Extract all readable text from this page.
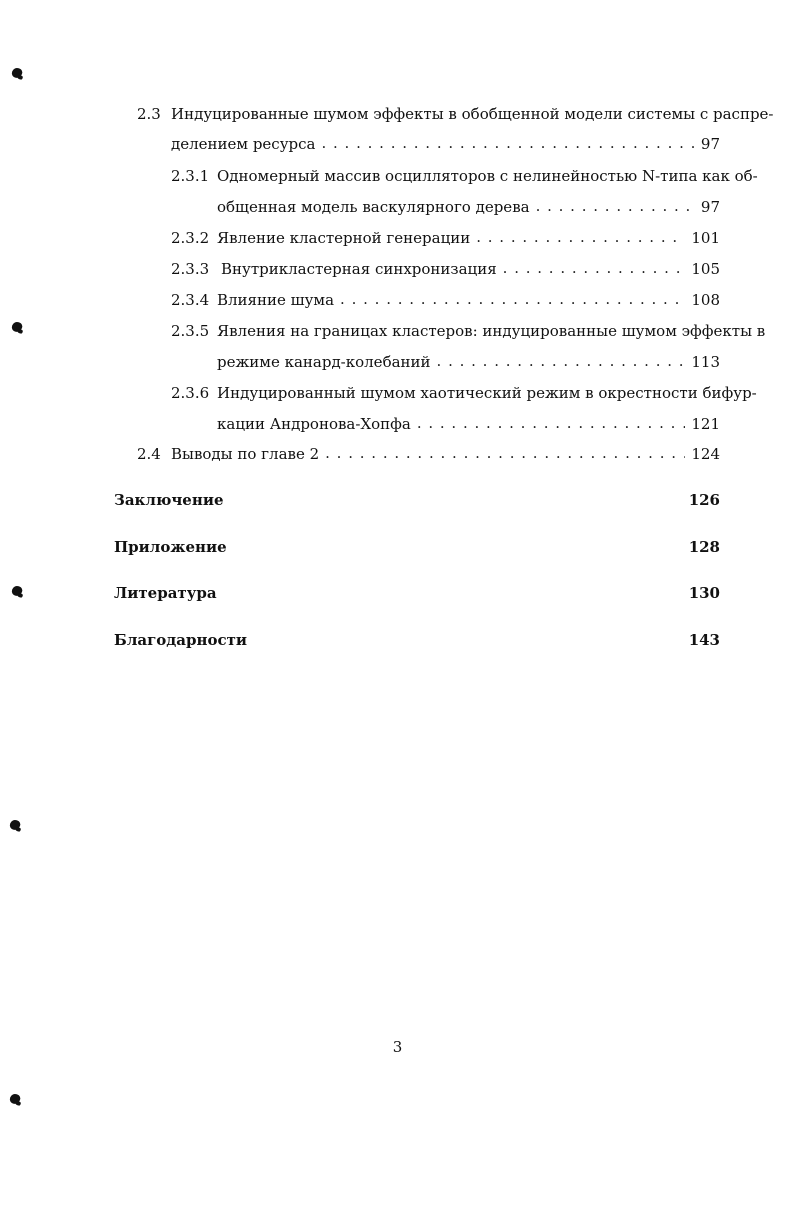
2.3 Индуцированные шумом эффекты в обобщенной модели системы с распре-
делением ресурса . . .	97
2.3.1 Одномерный массив осцилляторов с нелинейностью N-типа как об-
общенная модель васкулярного дерева . . .	97
2.3.2 Явление кластерной генерации . . .	101
2.3.3 Внутрикластерная синхронизация . . .	105
2.3.4 Влияние шума . . .	108
2.3.5 Явления на границах кластеров: индуцированные шумом эффекты в
режиме канард-колебаний . . .	113
2.3.6 Индуцированный шумом хаотический режим в окрестности бифур-
кации Андронова-Хопфа . . .	121
2.4 Выводы по главе 2 . . .	124
Заключение	126
Приложение	128
Литература	130
Благодарности	143
3
